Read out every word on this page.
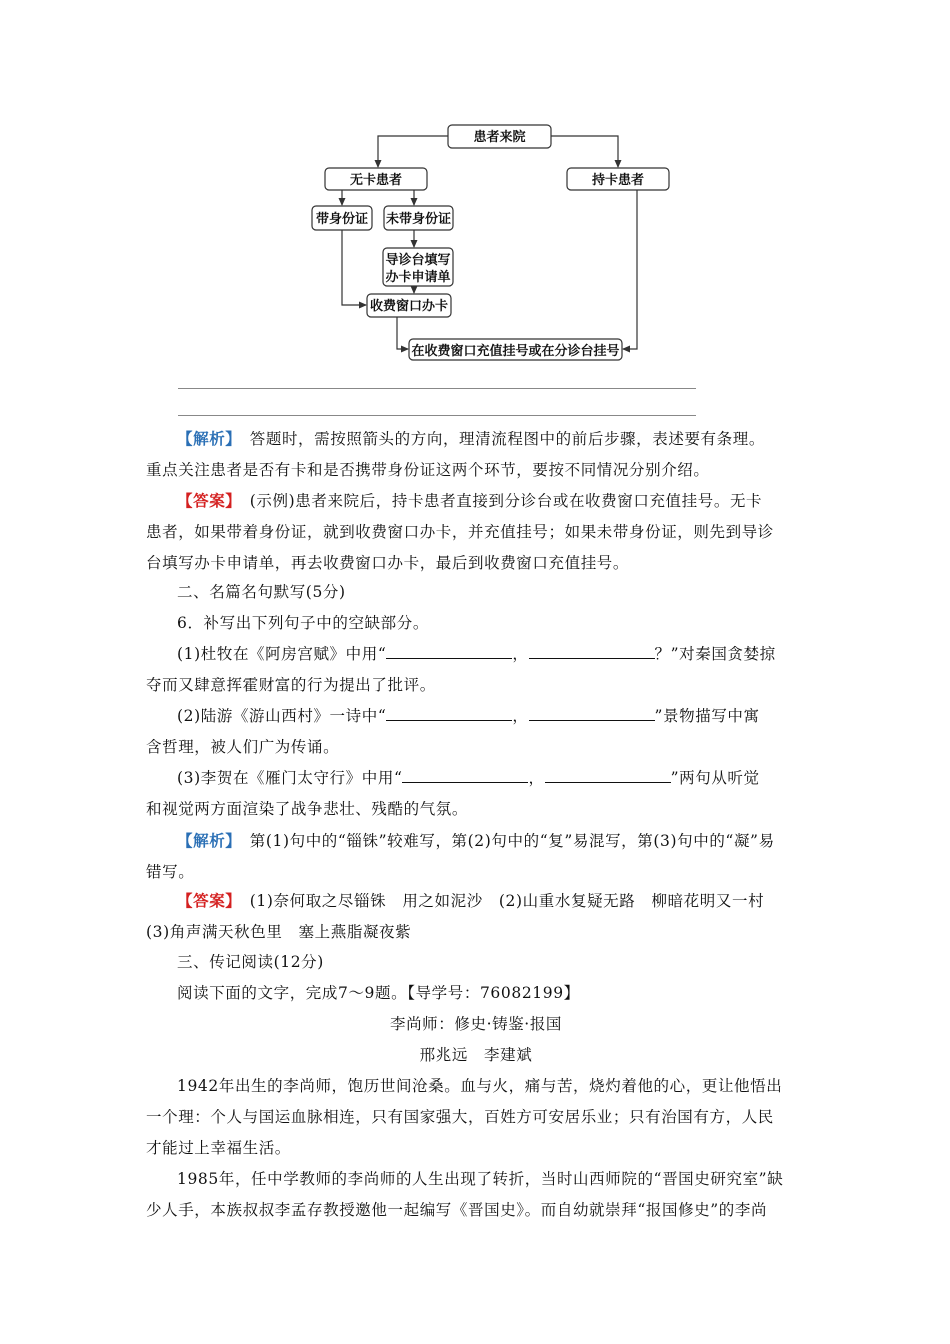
患者来院
无卡患者	持卡患者
带身份证 未带身份证
导诊台填写
办卡申请单
收费窗口办卡
在收费窗口充值挂号或在分诊台挂号

【解析】　答题时，需按照箭头的方向，理清流程图中的前后步骤，表述要有条理。
重点关注患者是否有卡和是否携带身份证这两个环节，要按不同情况分别介绍。

【答案】　(示例)患者来院后，持卡患者直接到分诊台或在收费窗口充值挂号。无卡
患者，如果带着身份证，就到收费窗口办卡，并充值挂号；如果未带身份证，则先到导诊
台填写办卡申请单，再去收费窗口办卡，最后到收费窗口充值挂号。

二、名篇名句默写(5分)

6．补写出下列句子中的空缺部分。

(1)杜牧在《阿房宫赋》中用“	，	？”对秦国贪婪掠
夺而又肆意挥霍财富的行为提出了批评。

(2)陆游《游山西村》一诗中“	，	”景物描写中寓
含哲理，被人们广为传诵。

(3)李贺在《雁门太守行》中用“	，	”两句从听觉
和视觉两方面渲染了战争悲壮、残酷的气氛。

【解析】　第(1)句中的“锱铢”较难写，第(2)句中的“复”易混写，第(3)句中的“凝”易
错写。

【答案】　(1)奈何取之尽锱铢　用之如泥沙　(2)山重水复疑无路　柳暗花明又一村
(3)角声满天秋色里　塞上燕脂凝夜紫

三、传记阅读(12分)

阅读下面的文字，完成7～9题。【导学号：76082199】

李尚师：修史·铸鉴·报国

邢兆远　李建斌

1942年出生的李尚师，饱历世间沧桑。血与火，痛与苦，烧灼着他的心，更让他悟出
一个理：个人与国运血脉相连，只有国家强大，百姓方可安居乐业；只有治国有方，人民
才能过上幸福生活。

1985年，任中学教师的李尚师的人生出现了转折，当时山西师院的“晋国史研究室”缺
少人手，本族叔叔李孟存教授邀他一起编写《晋国史》。而自幼就崇拜“报国修史”的李尚
